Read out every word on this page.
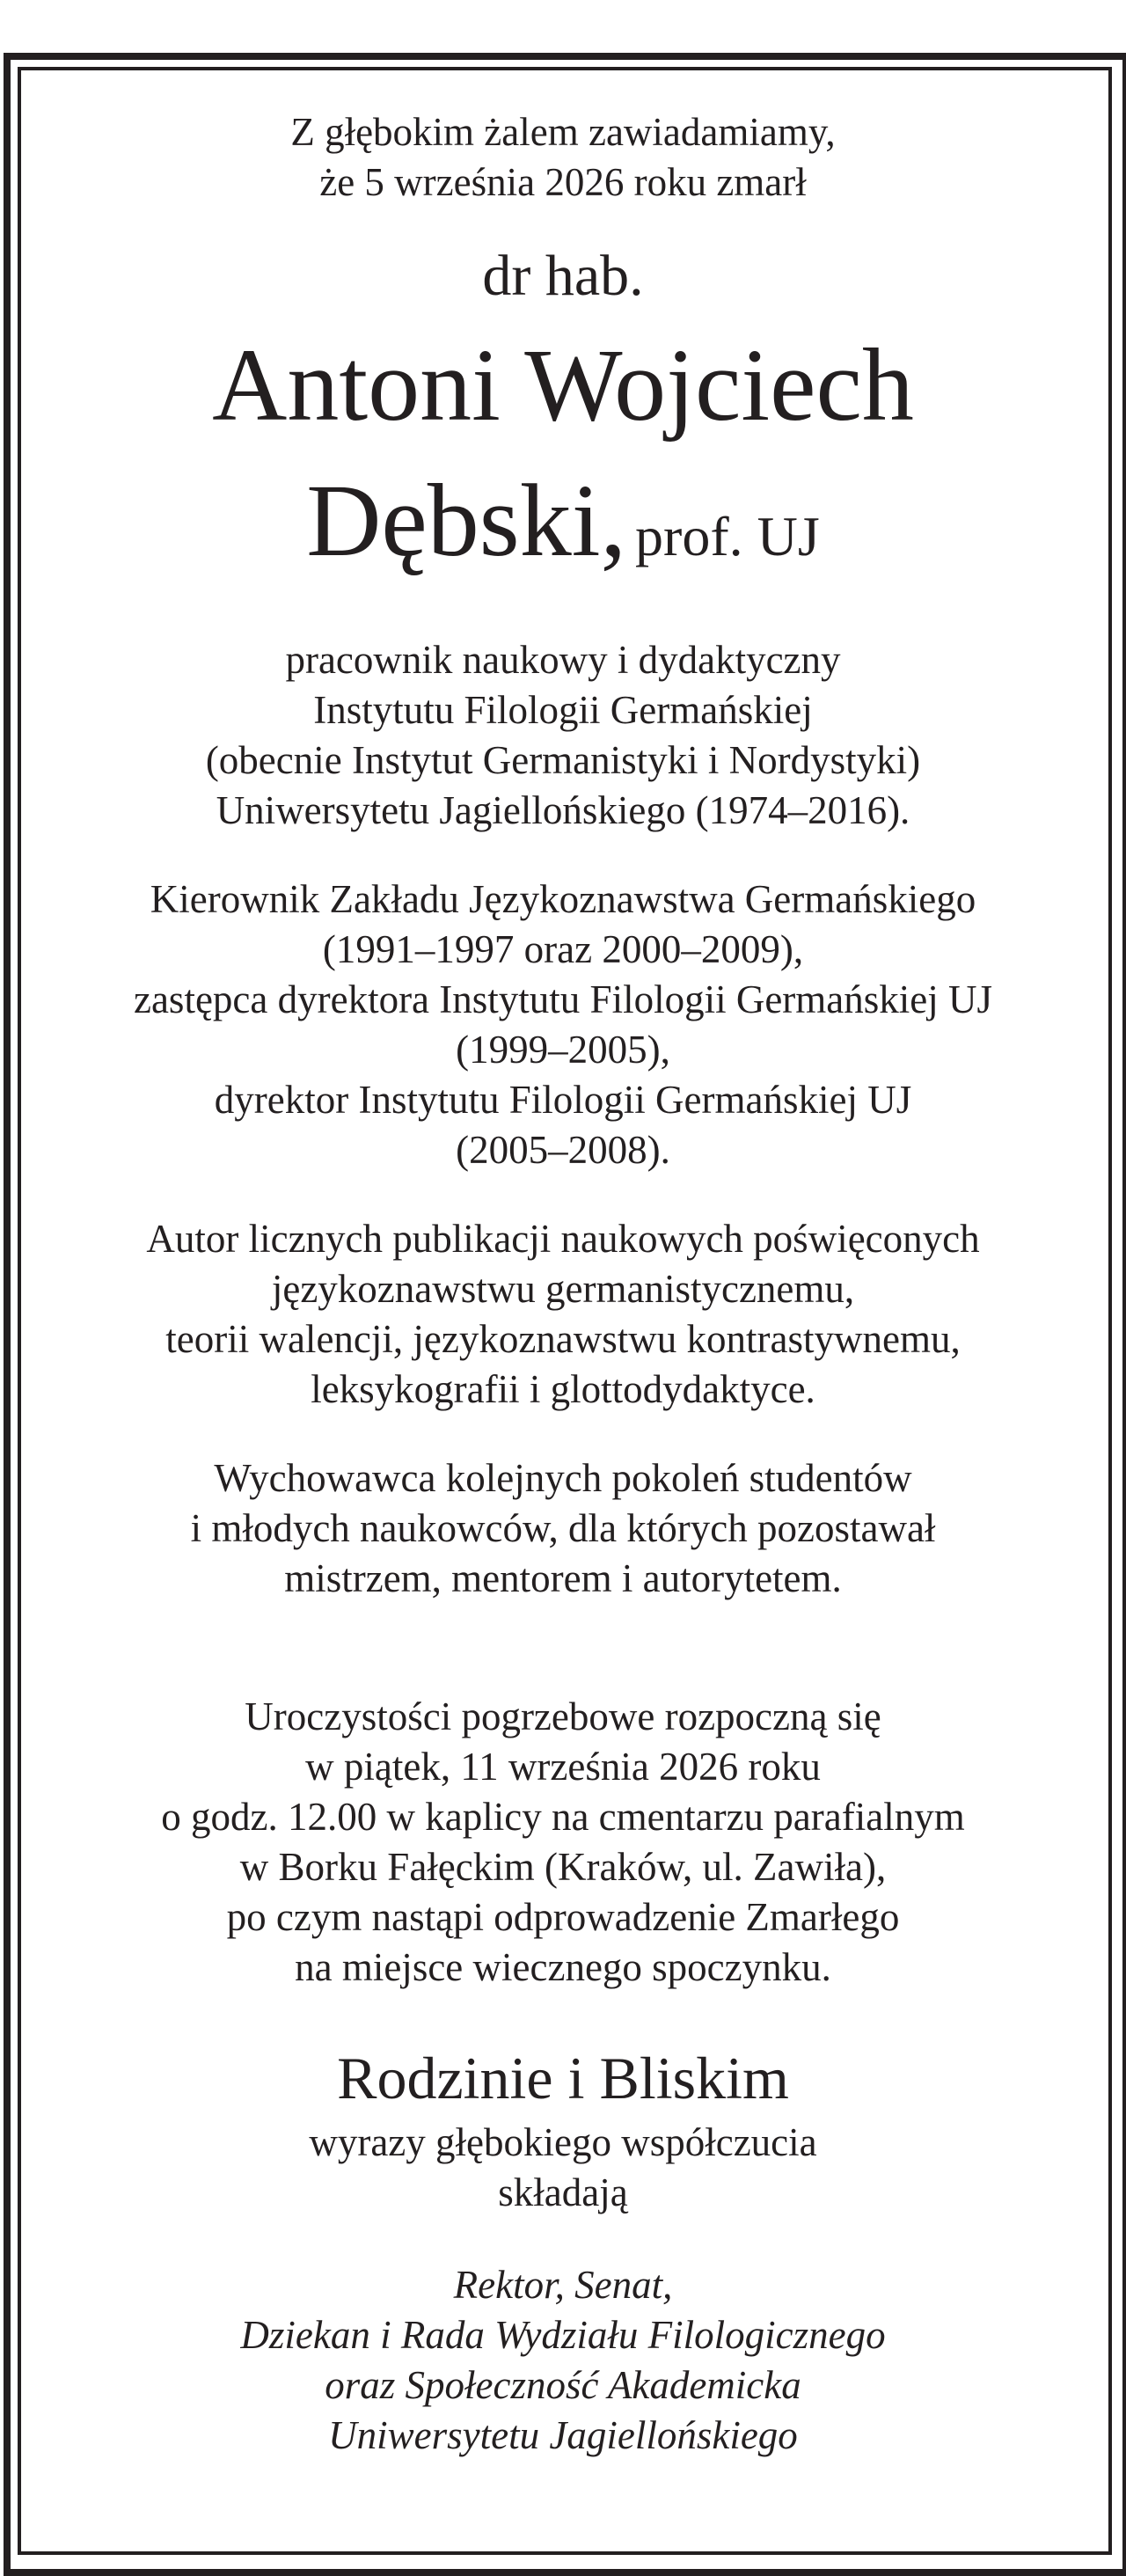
Z głębokim żalem zawiadamiamy,
że 5 września 2026 roku zmarł
dr hab.
Antoni Wojciech
Dębski, prof. UJ
pracownik naukowy i dydaktyczny
Instytutu Filologii Germańskiej
(obecnie Instytut Germanistyki i Nordystyki)
Uniwersytetu Jagiellońskiego (1974–2016).
Kierownik Zakładu Językoznawstwa Germańskiego
(1991–1997 oraz 2000–2009),
zastępca dyrektora Instytutu Filologii Germańskiej UJ
(1999–2005),
dyrektor Instytutu Filologii Germańskiej UJ
(2005–2008).
Autor licznych publikacji naukowych poświęconych
językoznawstwu germanistycznemu,
teorii walencji, językoznawstwu kontrastywnemu,
leksykografii i glottodydaktyce.
Wychowawca kolejnych pokoleń studentów
i młodych naukowców, dla których pozostawał
mistrzem, mentorem i autorytetem.
Uroczystości pogrzebowe rozpoczną się
w piątek, 11 września 2026 roku
o godz. 12.00 w kaplicy na cmentarzu parafialnym
w Borku Fałęckim (Kraków, ul. Zawiła),
po czym nastąpi odprowadzenie Zmarłego
na miejsce wiecznego spoczynku.
Rodzinie i Bliskim
wyrazy głębokiego współczucia
składają
Rektor, Senat,
Dziekan i Rada Wydziału Filologicznego
oraz Społeczność Akademicka
Uniwersytetu Jagiellońskiego
